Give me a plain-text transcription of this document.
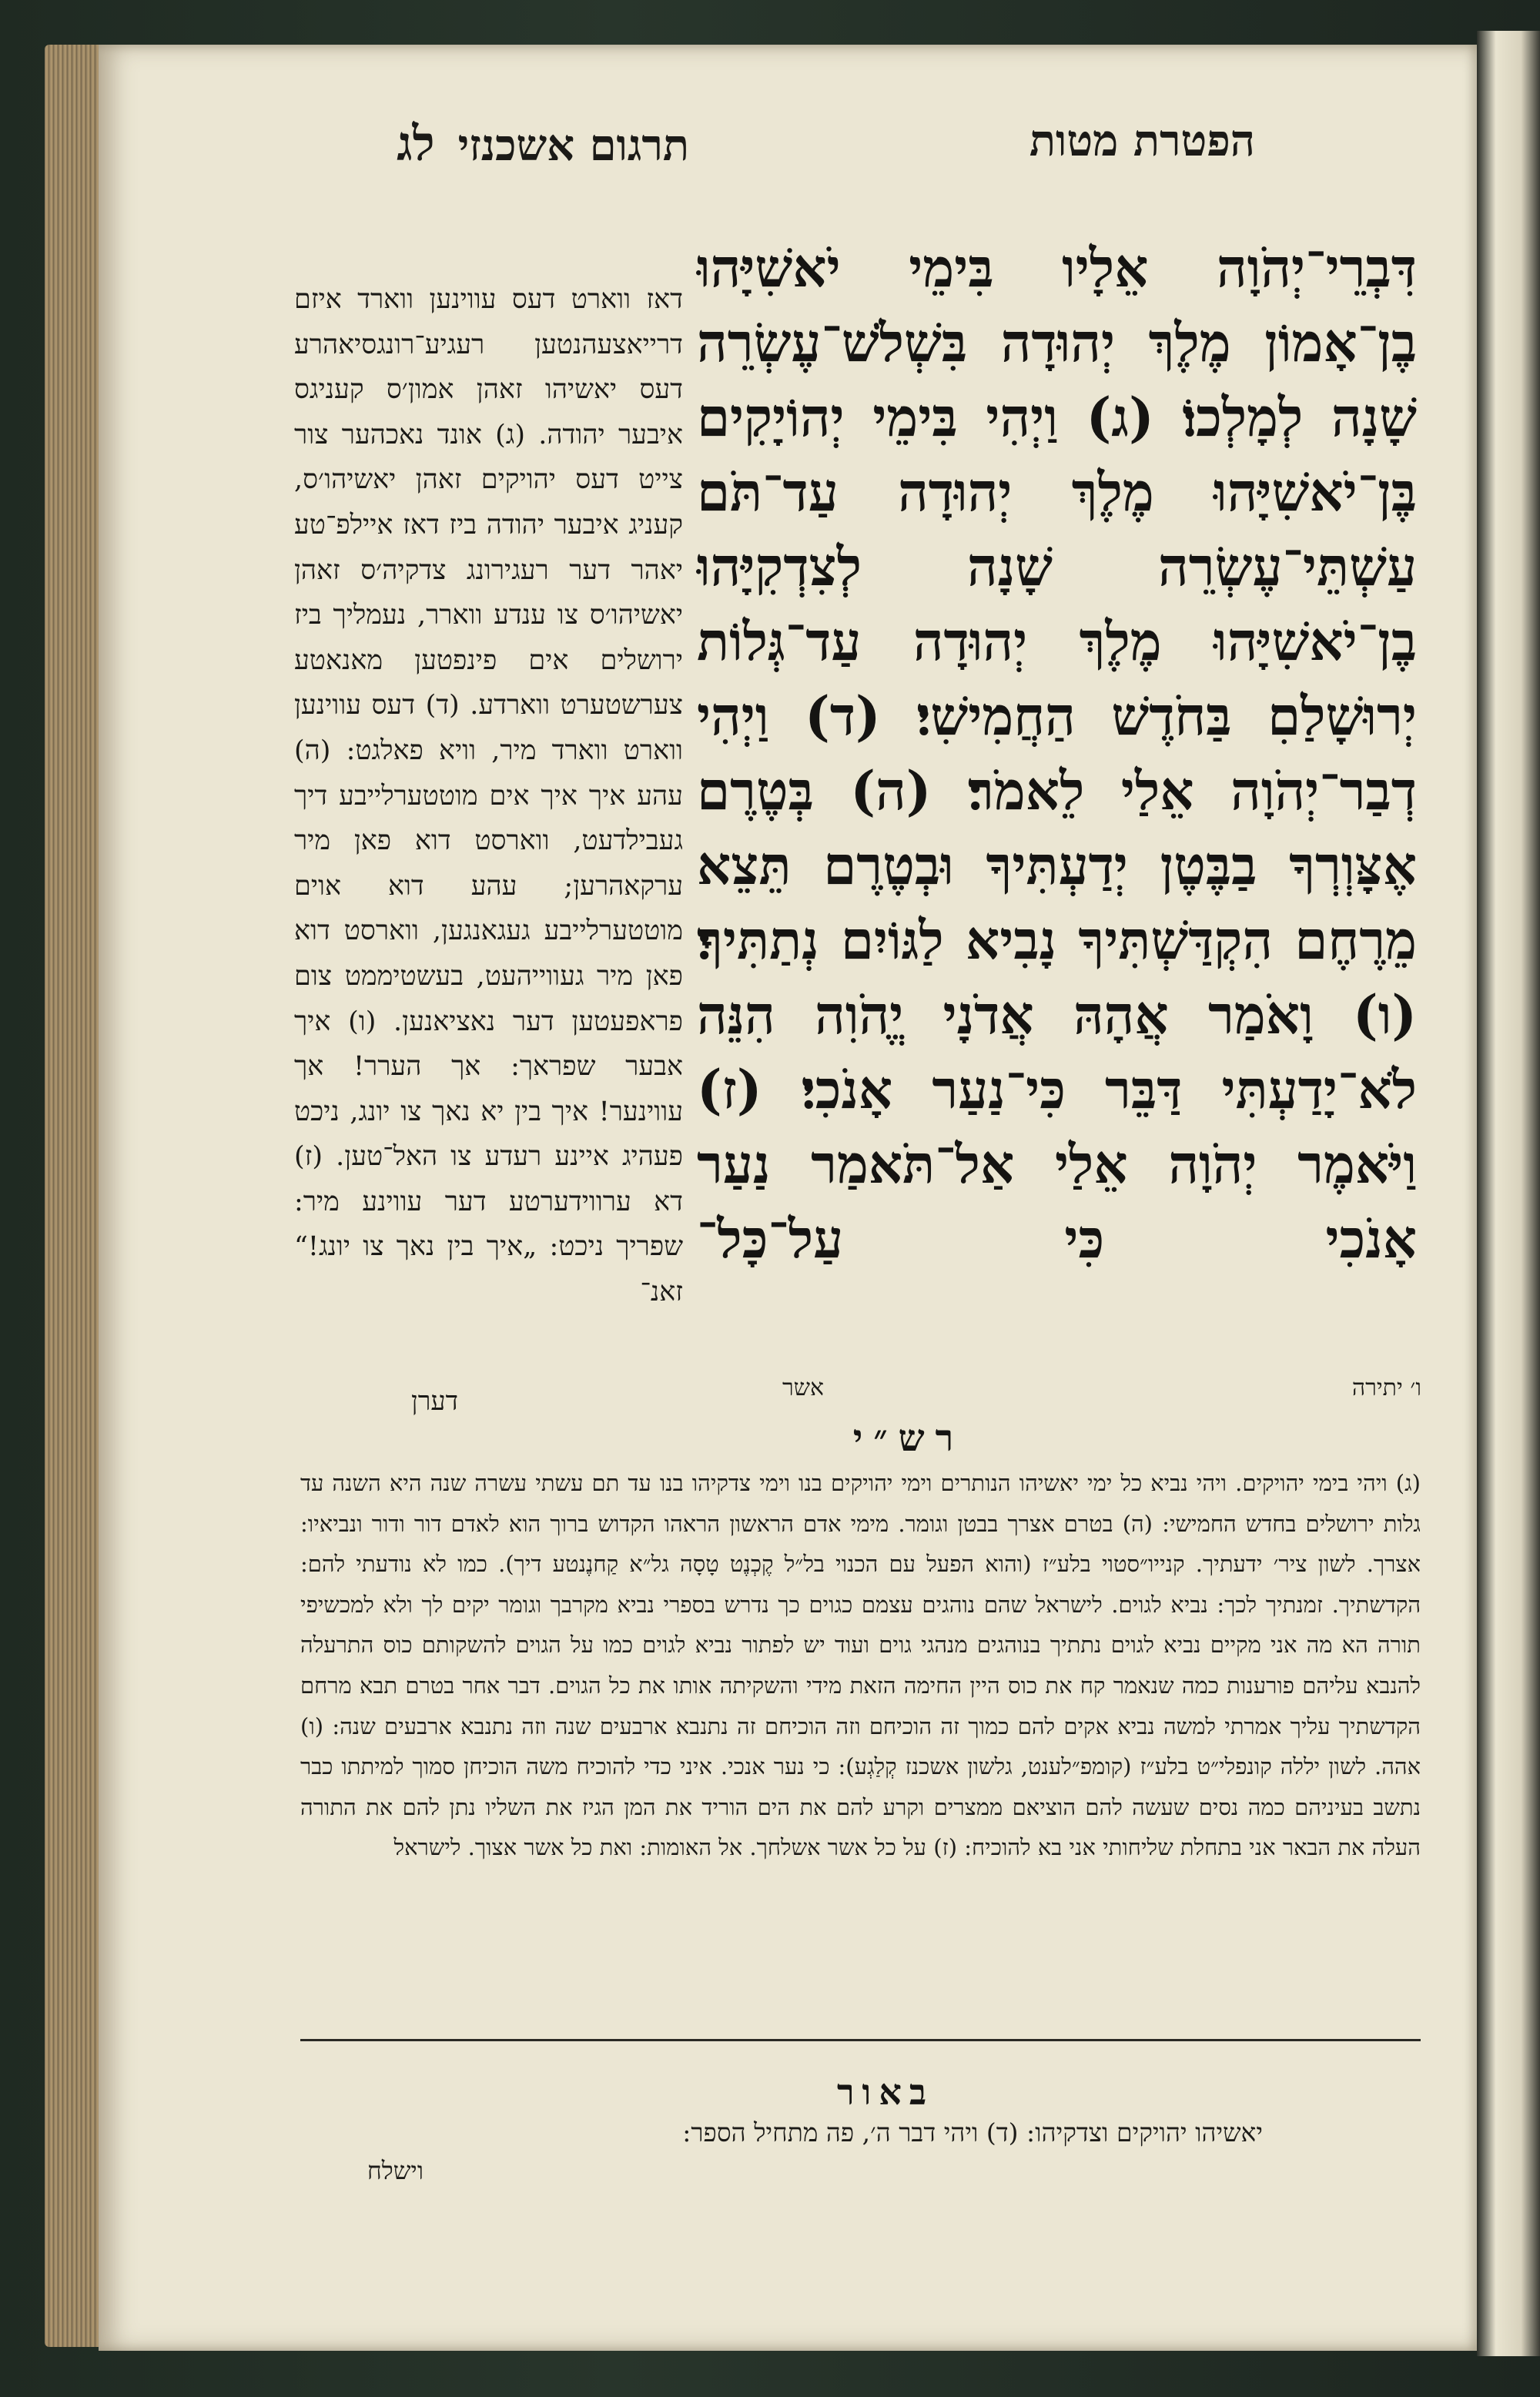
הפטרת מטות
תרגום אשכנזילג
דִּבְרֵי־יְהֹוָה אֵלָיו בִּימֵי יֹאשִׁיָּהוּ בֶן־אָמוֹן מֶלֶךְ יְהוּדָה בִּשְׁלֹשׁ־עֶשְׂרֵה שָׁנָה לְמָלְכוֹ׃ (ג) וַיְהִי בִּימֵי יְהוֹיָקִים בֶּן־יֹאשִׁיָּהוּ מֶלֶךְ יְהוּדָה עַד־תֹּם עַשְׁתֵּי־עֶשְׂרֵה שָׁנָה לְצִדְקִיָּהוּ בֶן־יֹאשִׁיָּהוּ מֶלֶךְ יְהוּדָה עַד־גְּלוֹת יְרוּשָׁלַםִ בַּחֹדֶשׁ הַחֲמִישִׁי׃ (ד) וַיְהִי דְבַר־יְהֹוָה אֵלַי לֵאמֹר׃ (ה) בְּטֶרֶם אֶצָּוְרְךָ בַבֶּטֶן יְדַעְתִּיךָ וּבְטֶרֶם תֵּצֵא מֵרֶחֶם הִקְדַּשְׁתִּיךָ נָבִיא לַגּוֹיִם נְתַתִּיךָ׃ (ו) וָאֹמַר אֲהָהּ אֲדֹנָי יֱהֹוִה הִנֵּה לֹא־יָדַעְתִּי דַּבֵּר כִּי־נַעַר אָנֹכִי׃ (ז) וַיֹּאמֶר יְהֹוָה אֵלַי אַל־תֹּאמַר נַעַר אָנֹכִי כִּי עַל־כָּל־
דאז ווארט דעס עווינען ווארד איזם דרייאצעהנטען רעגיע־רונגסיאהרע דעס יאשיהו זאהן אמון׳ס קעניגס איבער יהודה. (ג) אונד נאכהער צור צייט דעס יהויקים זאהן יאשיהו׳ס, קעניג איבער יהודה ביז דאז איילפ־טע יאהר דער רעגירונג צדקיה׳ס זאהן יאשיהו׳ס צו ענדע ווארר, נעמליך ביז ירושלים אים פינפטען מאנאטע צערשטערט ווארדע. (ד) דעס עווינען ווארט ווארד מיר, וויא פאלגט: (ה) עהע איך איך אים מוטטערלייבע דיך געבילדעט, ווארסט דוא פאן מיר ערקאהרען; עהע דוא אוים מוטטערלייבע געגאנגען, ווארסט דוא פאן מיר געווייהעט, בעשטיממט צום פראפעטען דער נאציאנען. (ו) איך אבער שפראך: אך הערר! אך עווינער! איך בין יא נאך צו יונג, ניכט פעהיג איינע רעדע צו האל־טען. (ז) דא ערווידערטע דער עווינע מיר: שפריך ניכט: „איך בין נאך צו יונג!“ זאנ־
ו׳ יתירה
אשר
דערן
רש״י
(ג) ויהי בימי יהויקים. ויהי נביא כל ימי יאשיהו הנותרים וימי יהויקים בנו וימי צדקיהו בנו עד תם עשתי עשרה שנה היא השנה עד גלות ירושלים בחדש החמישי: (ה) בטרם אצרך בבטן וגומר. מימי אדם הראשון הראהו הקדוש ברוך הוא לאדם דור ודור ונביאיו: אצרך. לשון ציר׳ ידעתיך. קנייו״סטוי בלע״ז (והוא הפעל עם הכנוי בל״ל קֶכְנֶט טָסָה גל״א קַחנֶנטע דיך). כמו לא נודעתי להם: הקדשתיך. זמנתיך לכך: נביא לגוים. לישראל שהם נוהגים עצמם כגוים כך נדרש בספרי נביא מקרבך וגומר יקים לך ולא למכשיפי תורה הא מה אני מקיים נביא לגוים נתתיך בנוהגים מנהגי גוים ועוד יש לפתור נביא לגוים כמו על הגוים להשקותם כוס התרעלה להנבא עליהם פורענות כמה שנאמר קח את כוס היין החימה הזאת מידי והשקיתה אותו את כל הגוים. דבר אחר בטרם תבא מרחם הקדשתיך עליך אמרתי למשה נביא אקים להם כמוך זה הוכיחם וזה הוכיחם זה נתנבא ארבעים שנה וזה נתנבא ארבעים שנה: (ו) אהה. לשון יללה קונפלי״ט בלע״ז (קומפ״לענט, גלשון אשכנז קְלַגְע): כי נער אנכי. איני כדי להוכיח משה הוכיחן סמוך למיתתו כבר נתשב בעיניהם כמה נסים שעשה להם הוציאם ממצרים וקרע להם את הים הוריד את המן הגיז את השליו נתן להם את התורה העלה את הבאר אני בתחלת שליחותי אני בא להוכיח: (ז) על כל אשר אשלחך. אל האומות: ואת כל אשר אצוך. לישראל
באור
יאשיהו יהויקים וצדקיהו: (ד) ויהי דבר ה׳, פה מתחיל הספר:
וישלח
